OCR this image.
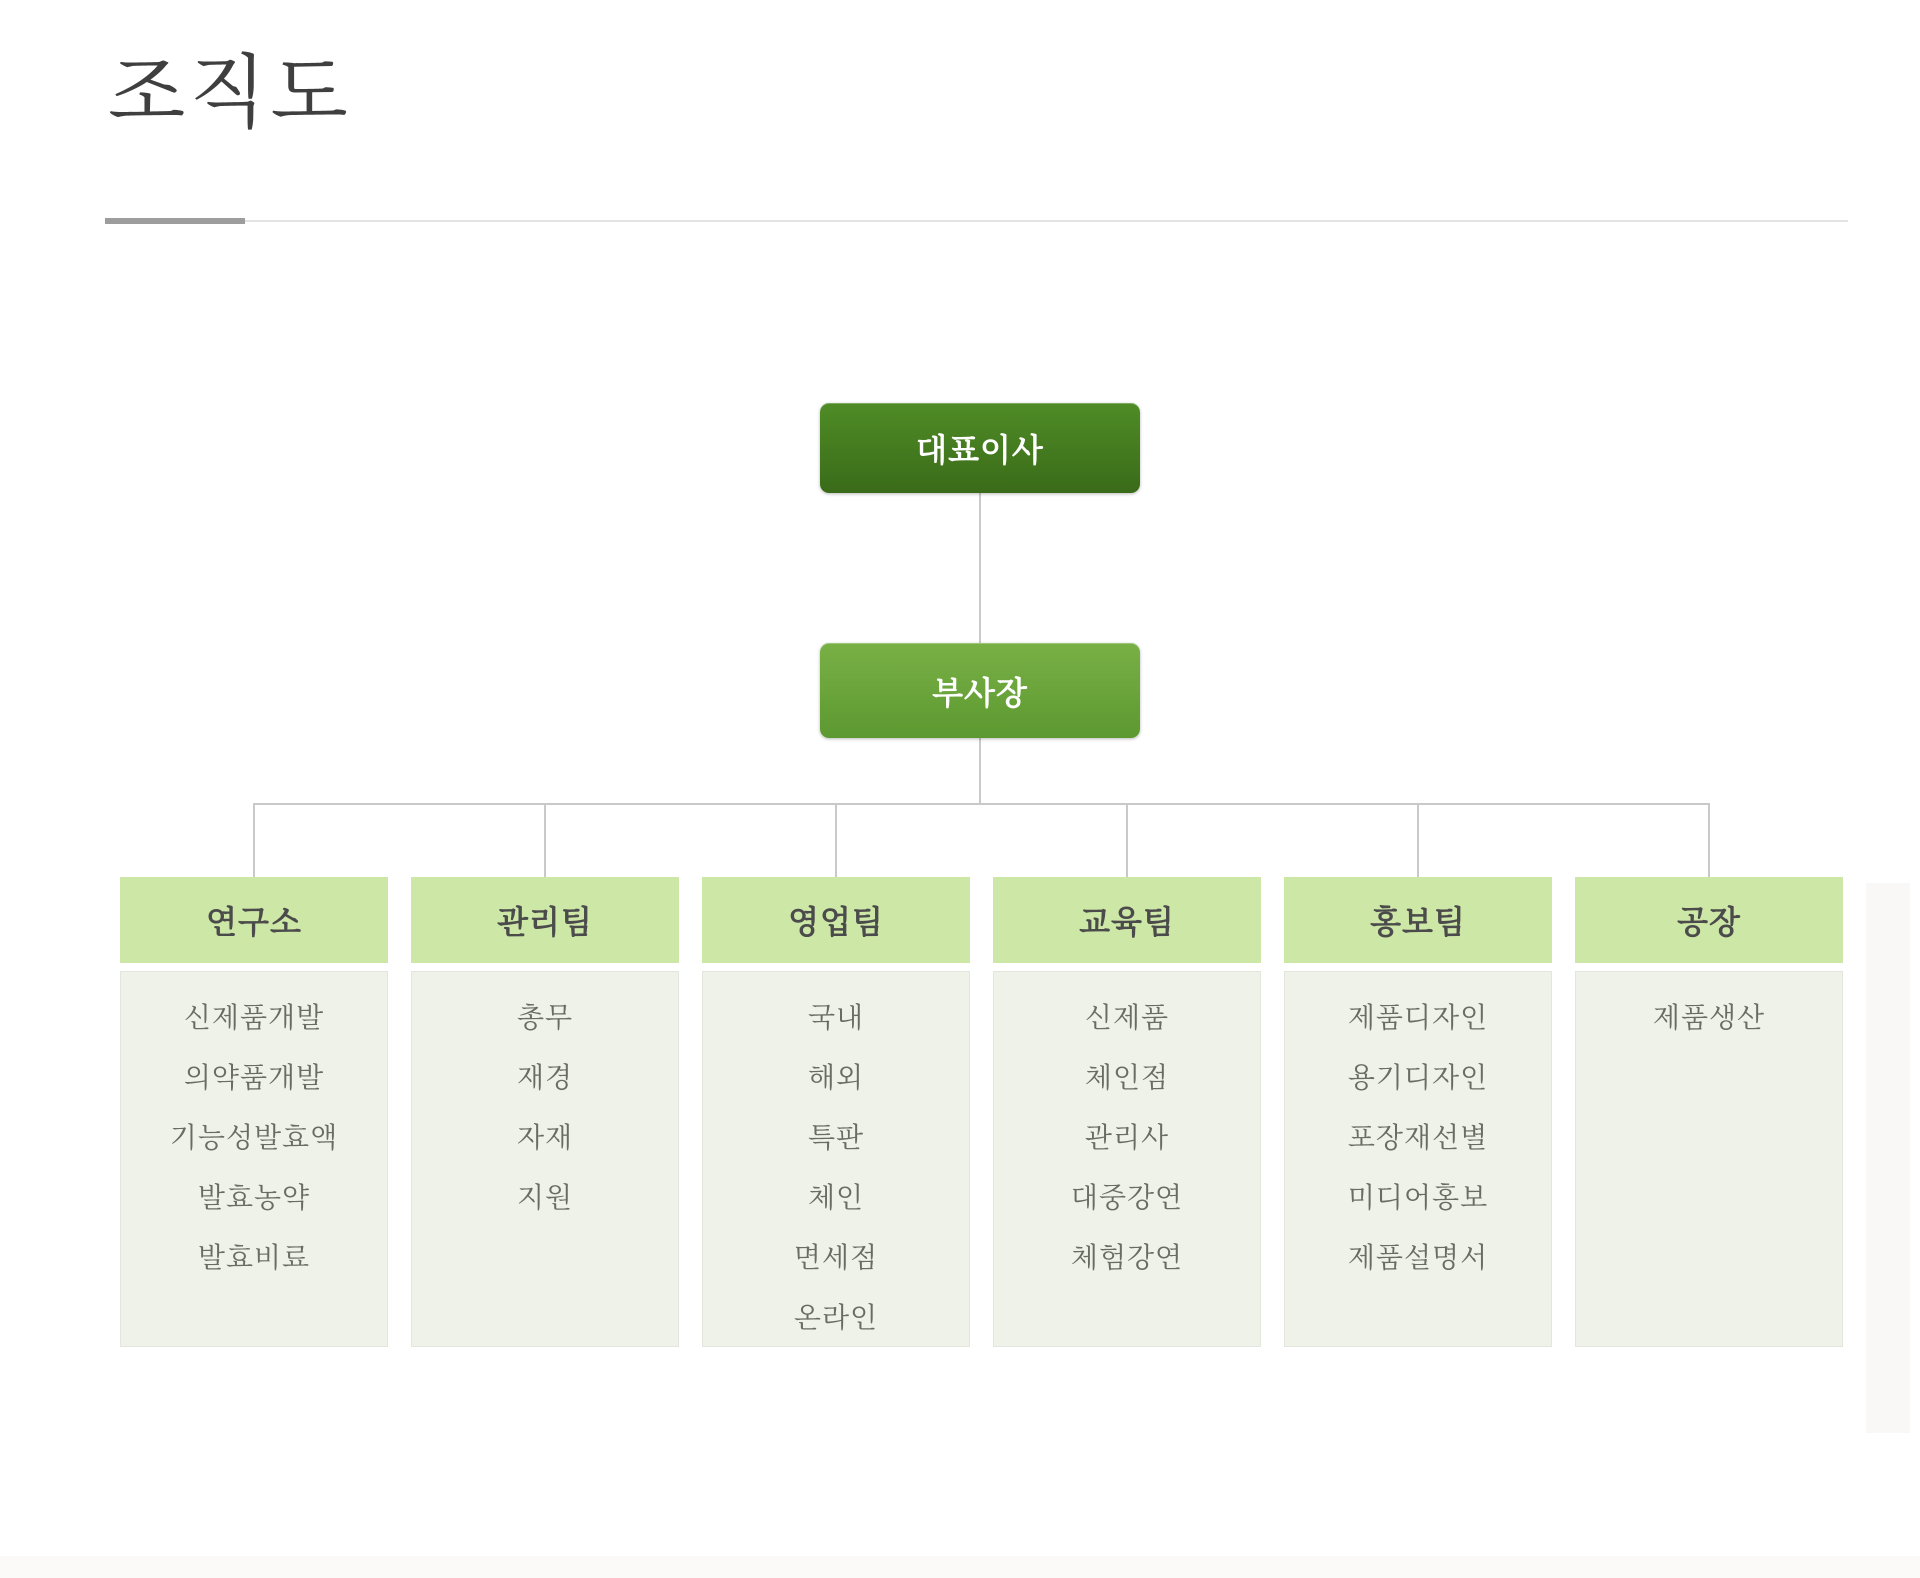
조직도
대표이사
부사장
연구소
신제품개발
의약품개발
기능성발효액
발효농약
발효비료
관리팀
총무
재경
자재
지원
영업팀
국내
해외
특판
체인
면세점
온라인
교육팀
신제품
체인점
관리사
대중강연
체험강연
홍보팀
제품디자인
용기디자인
포장재선별
미디어홍보
제품설명서
공장
제품생산
